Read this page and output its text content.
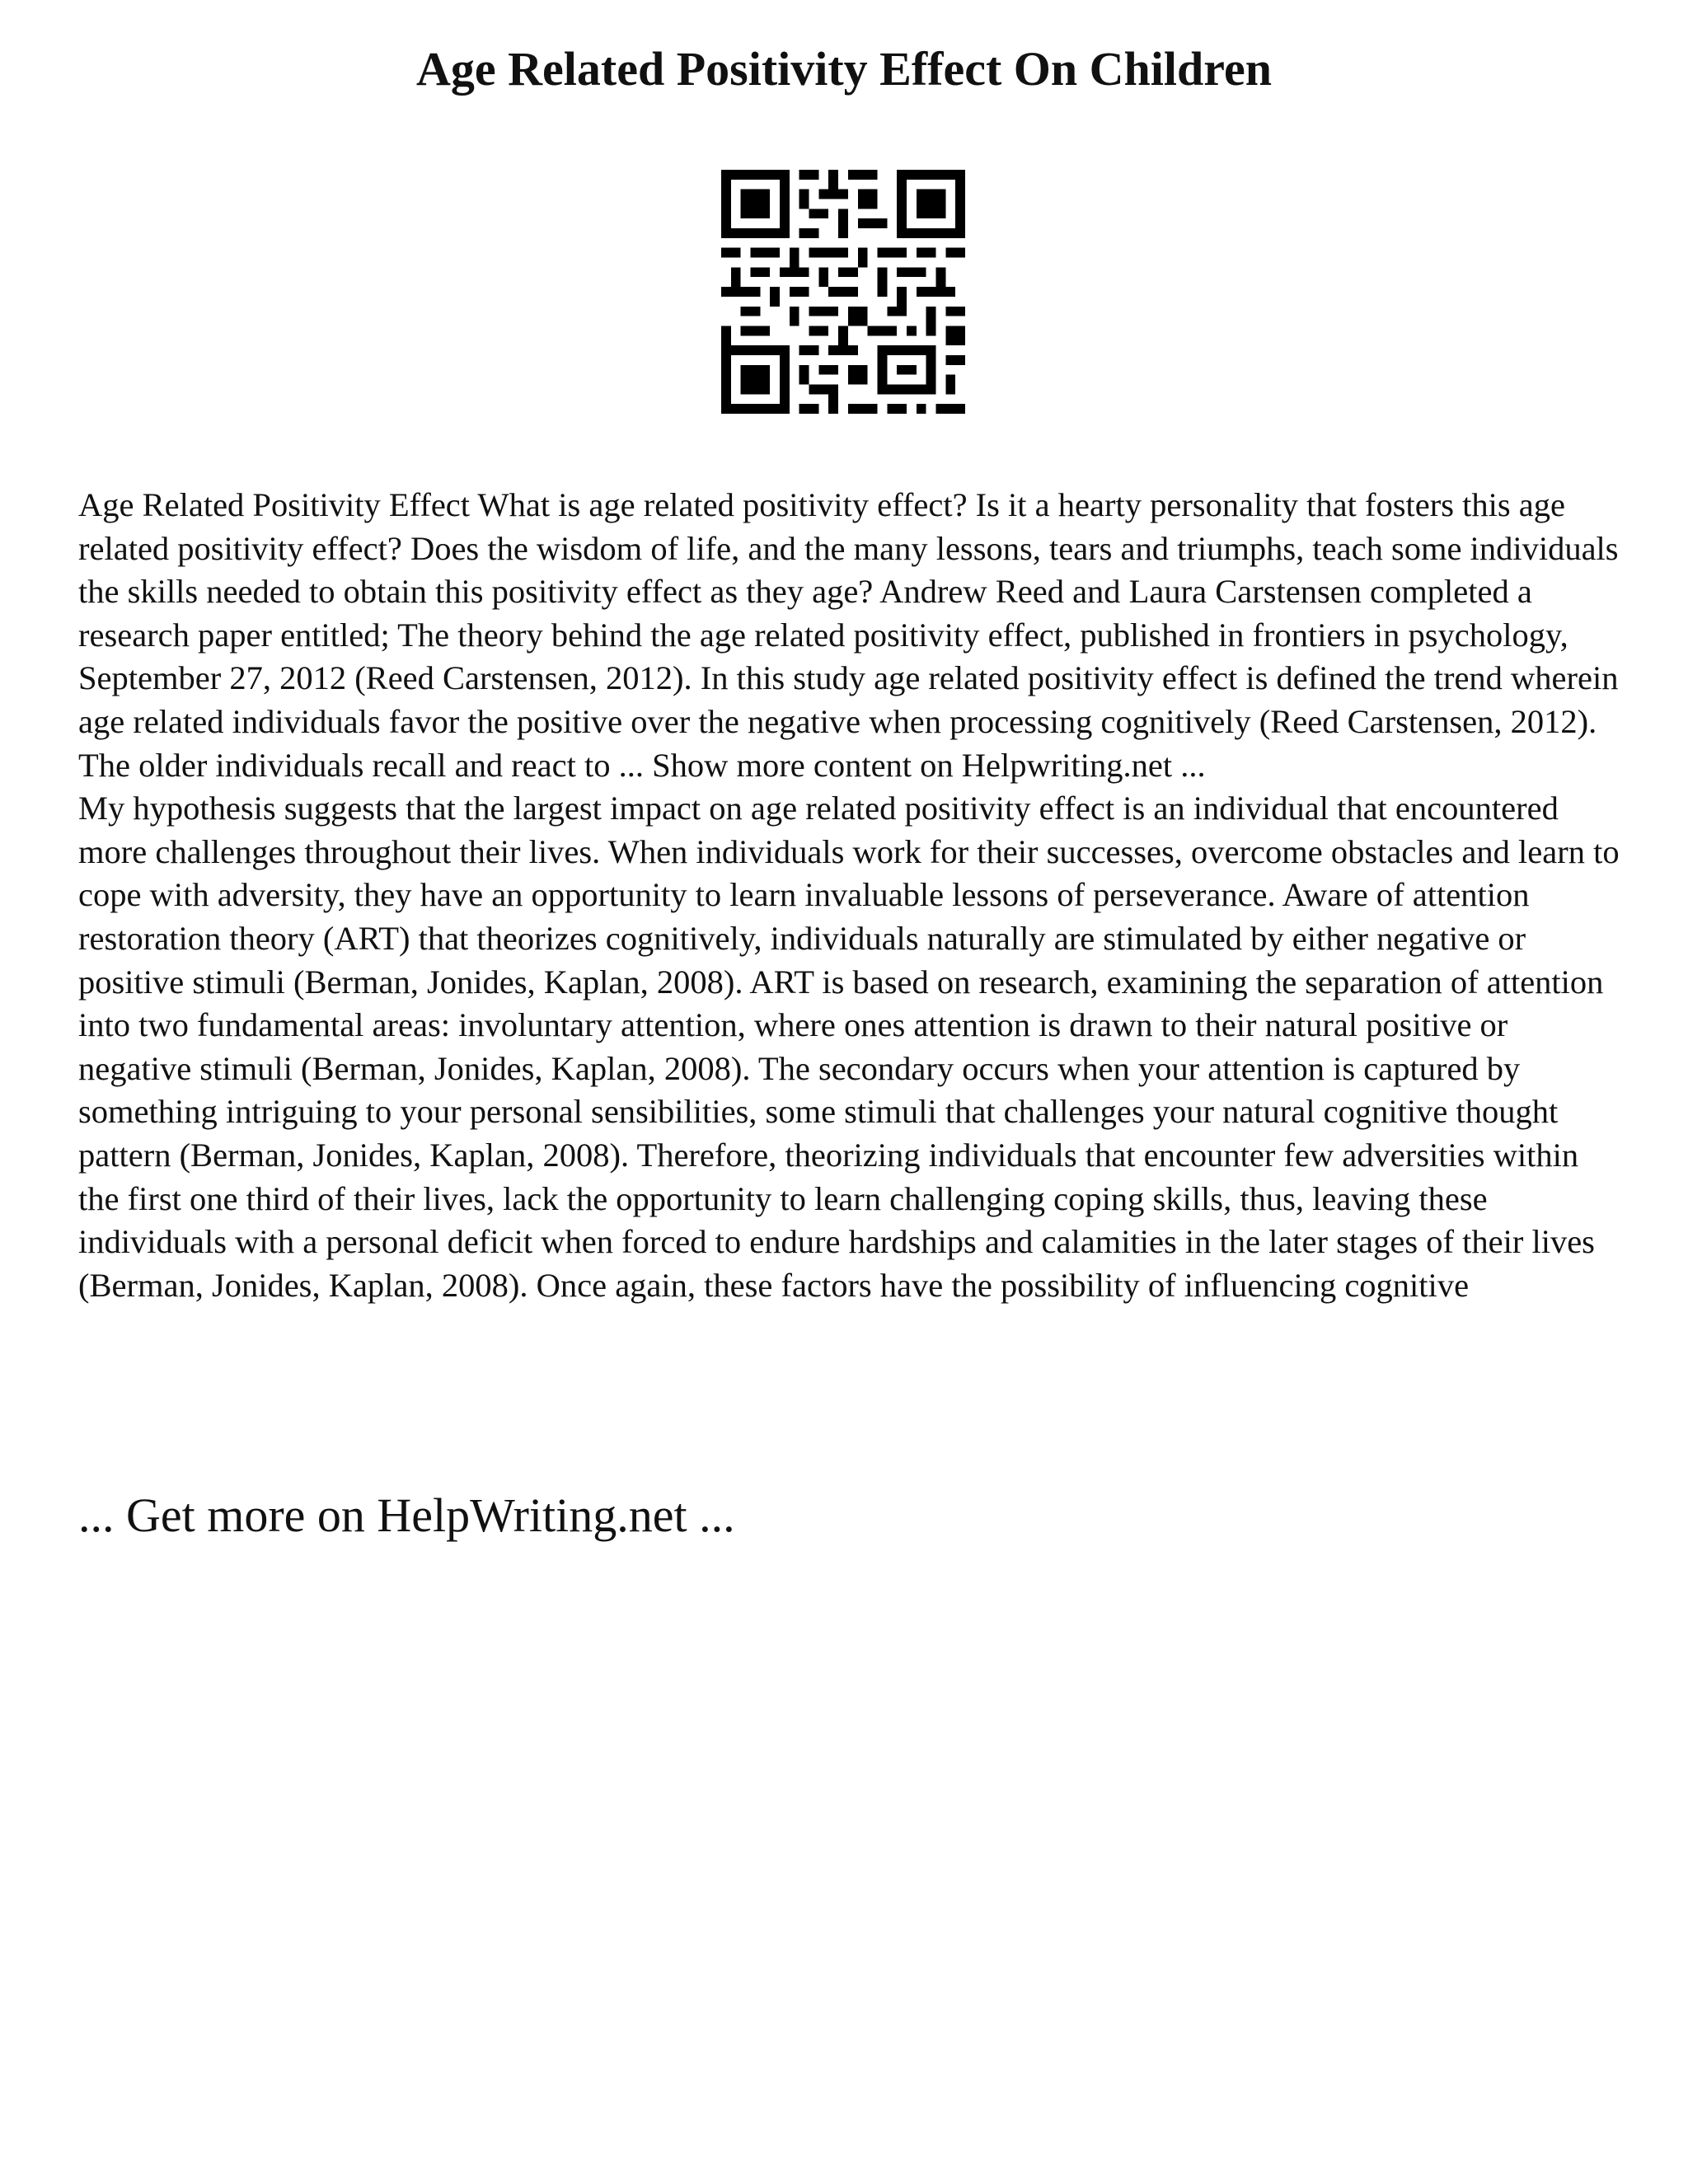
Age Related Positivity Effect On Children

Age Related Positivity Effect What is age related positivity effect? Is it a hearty personality that fosters this age related positivity effect? Does the wisdom of life, and the many lessons, tears and triumphs, teach some individuals the skills needed to obtain this positivity effect as they age? Andrew Reed and Laura Carstensen completed a research paper entitled; The theory behind the age related positivity effect, published in frontiers in psychology, September 27, 2012 (Reed Carstensen, 2012). In this study age related positivity effect is defined the trend wherein age related individuals favor the positive over the negative when processing cognitively (Reed Carstensen, 2012). The older individuals recall and react to ... Show more content on Helpwriting.net ...

My hypothesis suggests that the largest impact on age related positivity effect is an individual that encountered more challenges throughout their lives. When individuals work for their successes, overcome obstacles and learn to cope with adversity, they have an opportunity to learn invaluable lessons of perseverance. Aware of attention restoration theory (ART) that theorizes cognitively, individuals naturally are stimulated by either negative or positive stimuli (Berman, Jonides, Kaplan, 2008). ART is based on research, examining the separation of attention into two fundamental areas: involuntary attention, where ones attention is drawn to their natural positive or negative stimuli (Berman, Jonides, Kaplan, 2008). The secondary occurs when your attention is captured by something intriguing to your personal sensibilities, some stimuli that challenges your natural cognitive thought pattern (Berman, Jonides, Kaplan, 2008). Therefore, theorizing individuals that encounter few adversities within the first one third of their lives, lack the opportunity to learn challenging coping skills, thus, leaving these individuals with a personal deficit when forced to endure hardships and calamities in the later stages of their lives (Berman, Jonides, Kaplan, 2008). Once again, these factors have the possibility of influencing cognitive

... Get more on HelpWriting.net ...
